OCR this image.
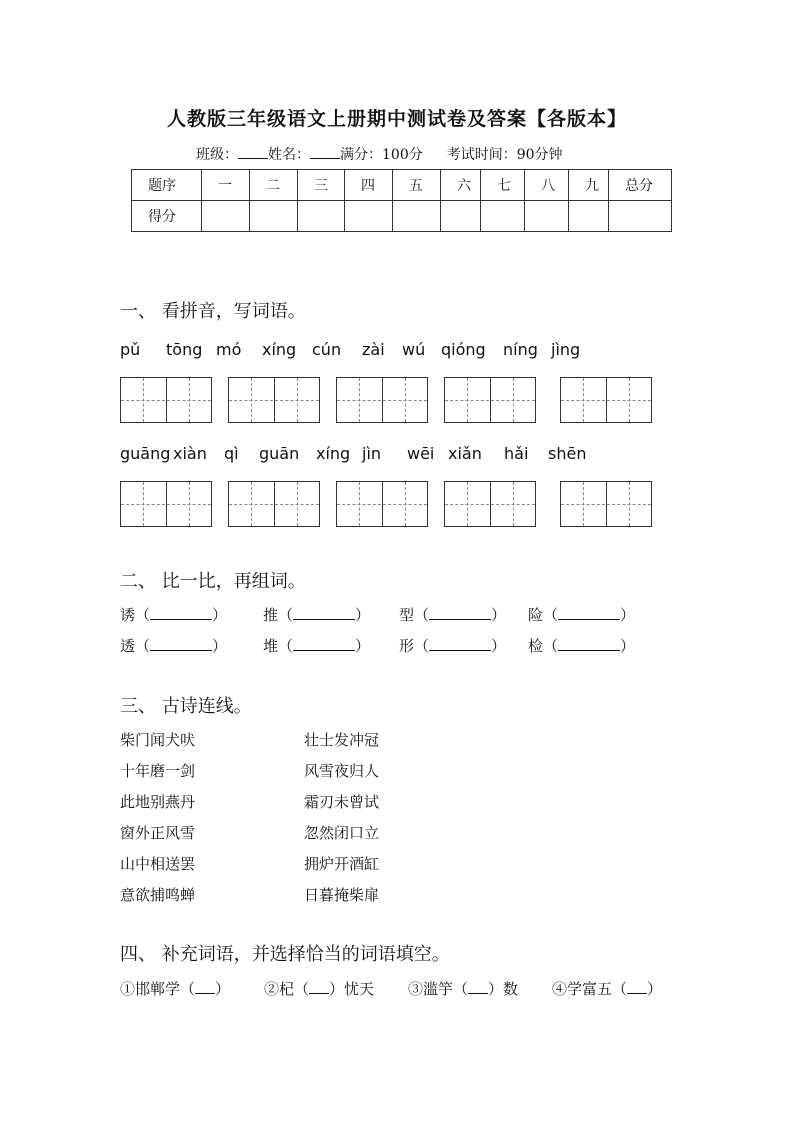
人教版三年级语文上册期中测试卷及答案【各版本】
班级： 姓名： 满分：100分 考试时间：90分钟
题序	一	二	三	四	五	六	七	八	九	总分
得分										
一、 看拼音，写词语。
pǔ tōng mó xíng cún zài wú qióng níng jìng
guāng xiàn qì guān xíng jìn wēi xiǎn hǎi shēn
二、 比一比，再组词。
诱（	） 推（	） 型（	） 险（	）
透（	） 堆（	） 形（	） 检（	）
三、 古诗连线。
柴门闻犬吠
十年磨一剑
此地别燕丹
窗外正风雪
山中相送罢
意欲捕鸣蝉
壮士发冲冠
风雪夜归人
霜刃未曾试
忽然闭口立
拥炉开酒缸
日暮掩柴扉
四、 补充词语，并选择恰当的词语填空。
①邯郸学（ ） ②杞（ ）忧天 ③滥竽（ ）数 ④学富五（ ）
